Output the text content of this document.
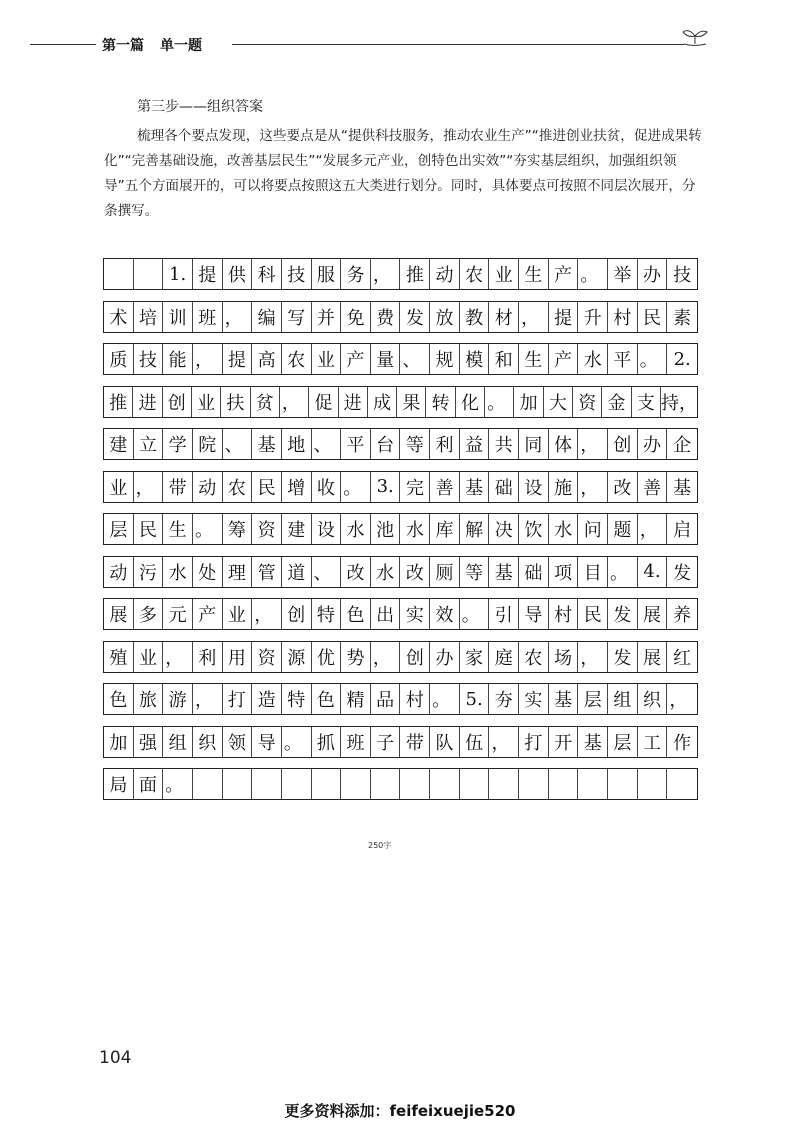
第一篇 单一题
第三步——组织答案
梳理各个要点发现，这些要点是从“提供科技服务，推动农业生产”“推进创业扶贫，促进成果转化”“完善基础设施，改善基层民生”“发展多元产业，创特色出实效”“夯实基层组织，加强组织领导”五个方面展开的，可以将要点按照这五大类进行划分。同时，具体要点可按照不同层次展开，分条撰写。
1. 提 供 科 技 服 务 ， 推 动 农 业 生 产 。 举 办 技
术 培 训 班 ， 编 写 并 免 费 发 放 教 材 ， 提 升 村 民 素
质 技 能 ， 提 高 农 业 产 量 、 规 模 和 生 产 水 平 。 2.
推 进 创 业 扶 贫 ， 促 进 成 果 转 化 。 加 大 资 金 支 持，
建 立 学 院 、 基 地 、 平 台 等 利 益 共 同 体 ， 创 办 企
业 ， 带 动 农 民 增 收 。 3. 完 善 基 础 设 施 ， 改 善 基
层 民 生 。 筹 资 建 设 水 池 水 库 解 决 饮 水 问 题 ， 启
动 污 水 处 理 管 道 、 改 水 改 厕 等 基 础 项 目 。 4. 发
展 多 元 产 业 ， 创 特 色 出 实 效 。 引 导 村 民 发 展 养
殖 业 ， 利 用 资 源 优 势 ， 创 办 家 庭 农 场 ， 发 展 红
色 旅 游 ， 打 造 特 色 精 品 村 。 5. 夯 实 基 层 组 织 ，
加 强 组 织 领 导 。 抓 班 子 带 队 伍 ， 打 开 基 层 工 作
局 面 。
250字
104
更多资料添加：feifeixuejie520
